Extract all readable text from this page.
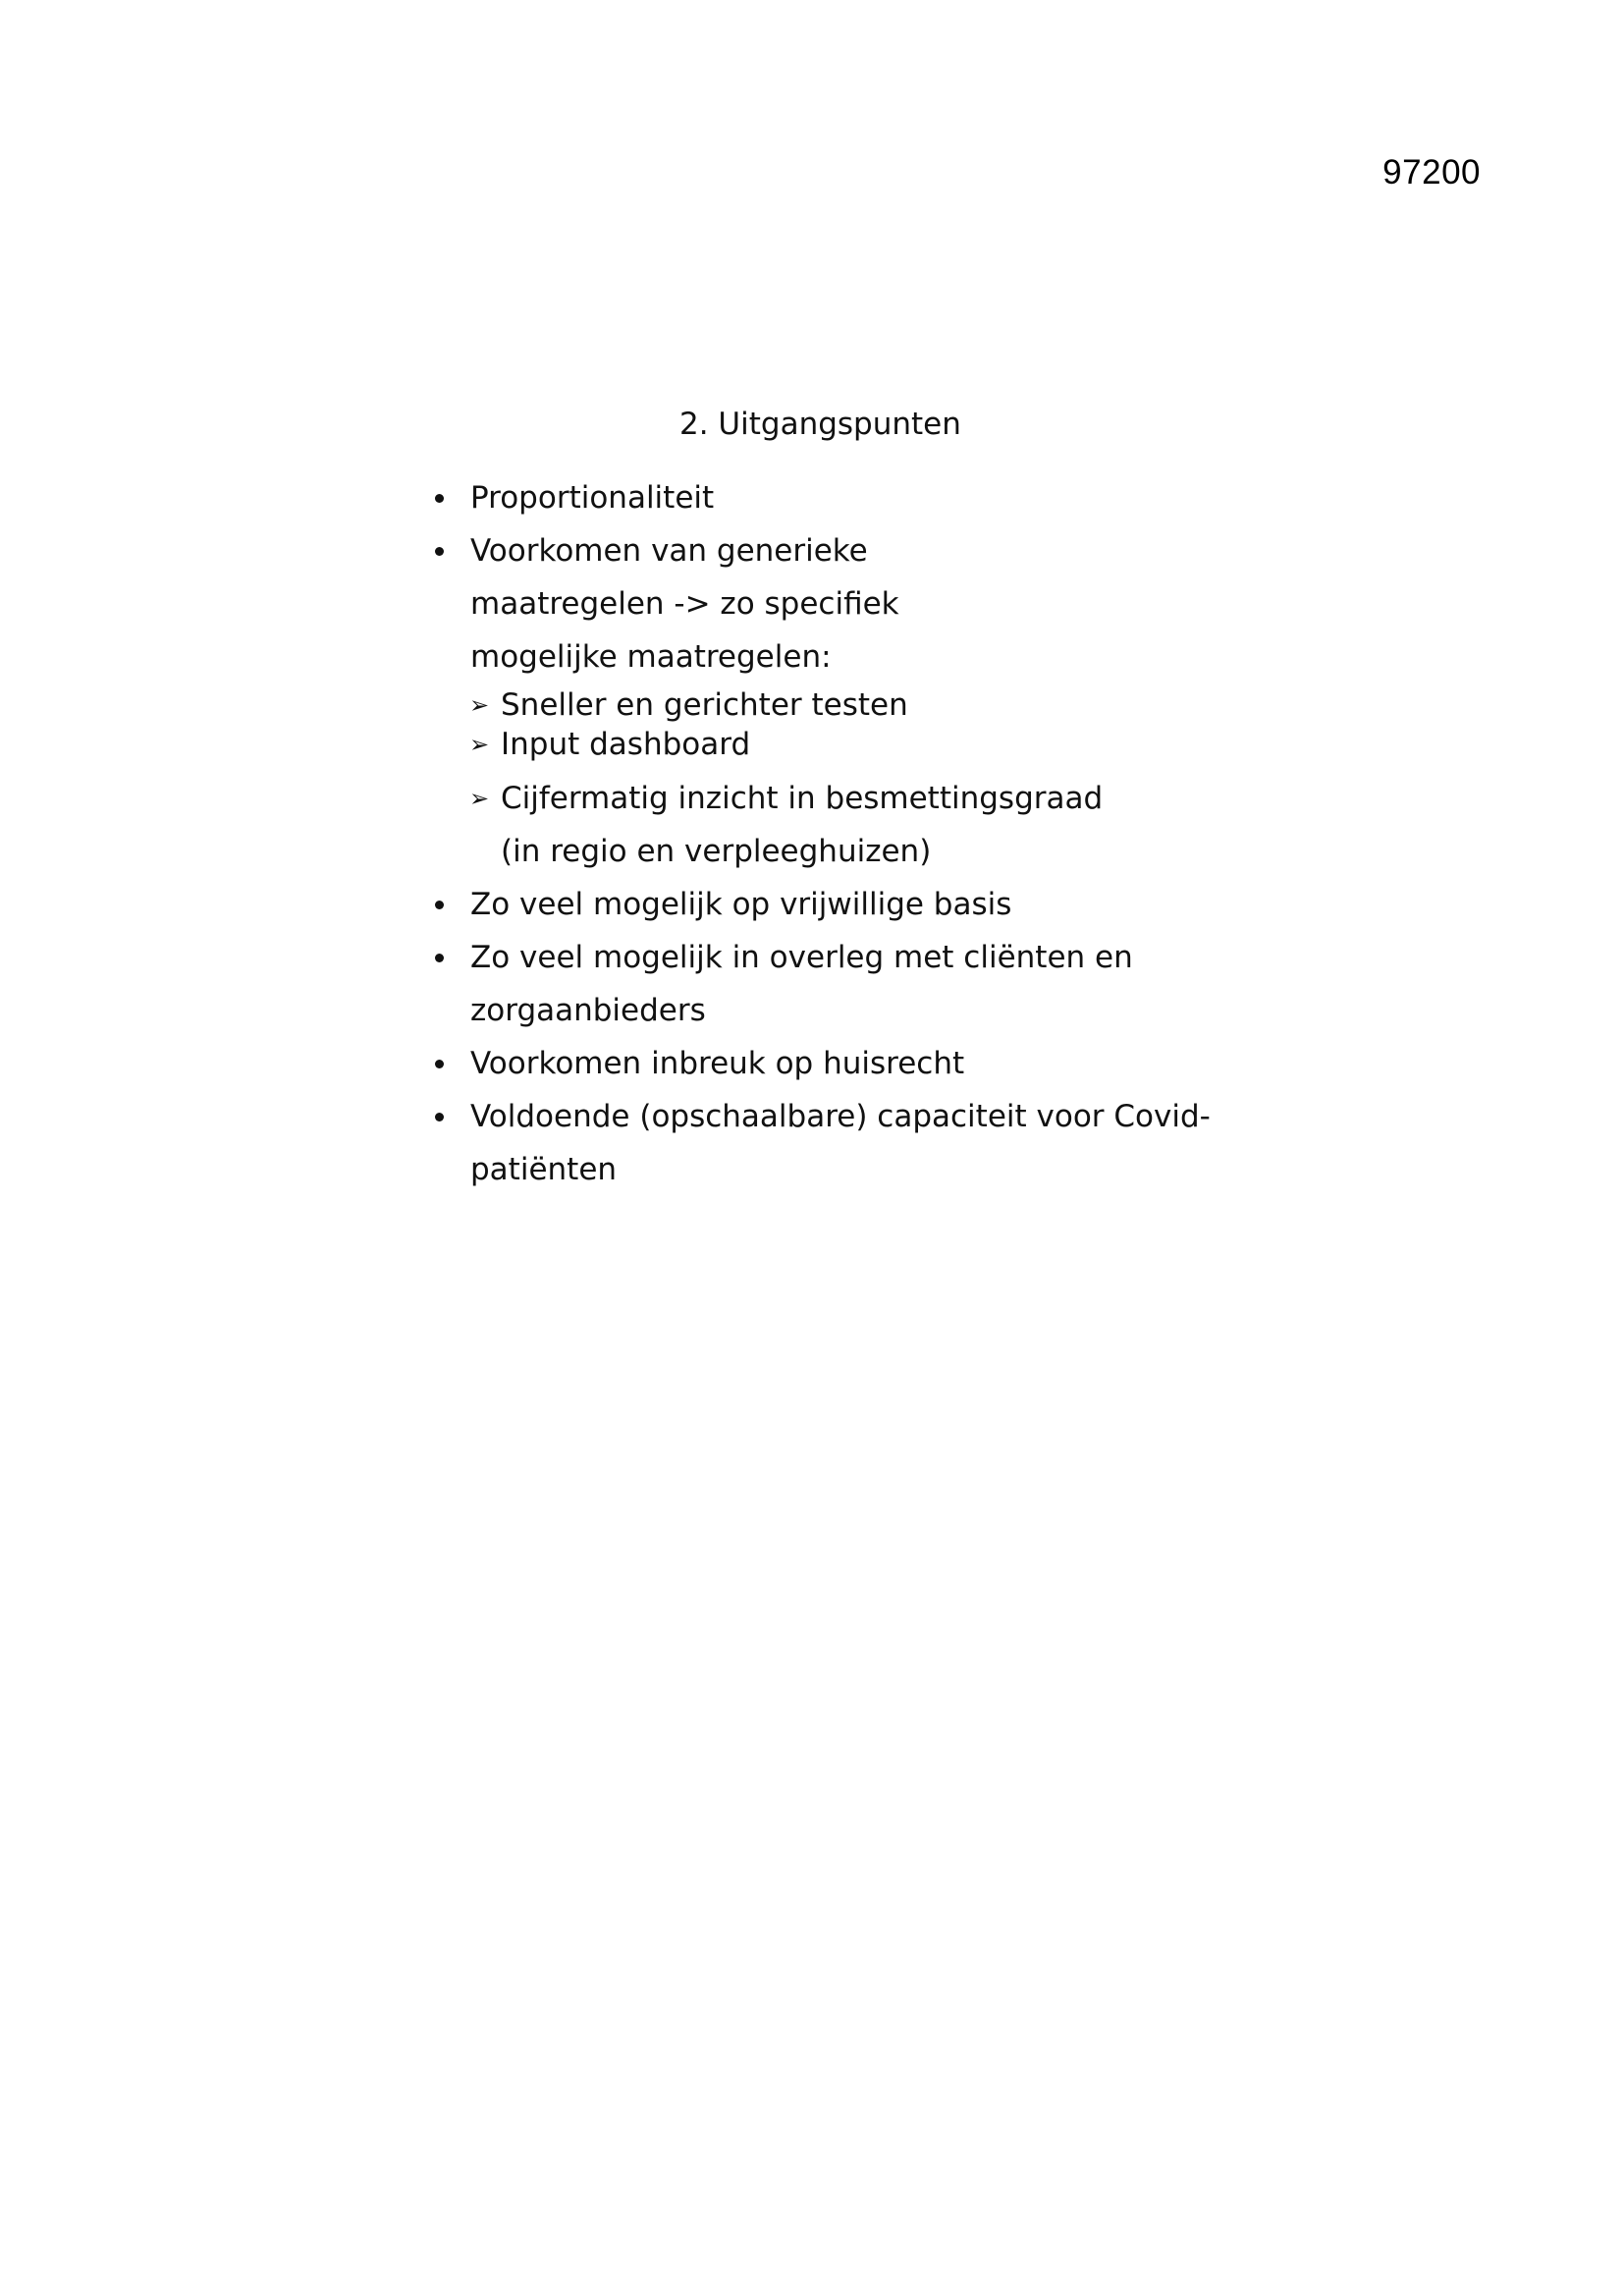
97200
2. Uitgangspunten
Proportionaliteit
Voorkomen van generieke maatregelen -> zo specifiek mogelijke maatregelen:
➢ Sneller en gerichter testen
➢ Input dashboard
➢ Cijfermatig inzicht in besmettingsgraad (in regio en verpleeghuizen)
Zo veel mogelijk op vrijwillige basis
Zo veel mogelijk in overleg met cliënten en zorgaanbieders
Voorkomen inbreuk op huisrecht
Voldoende (opschaalbare) capaciteit voor Covid-patiënten
